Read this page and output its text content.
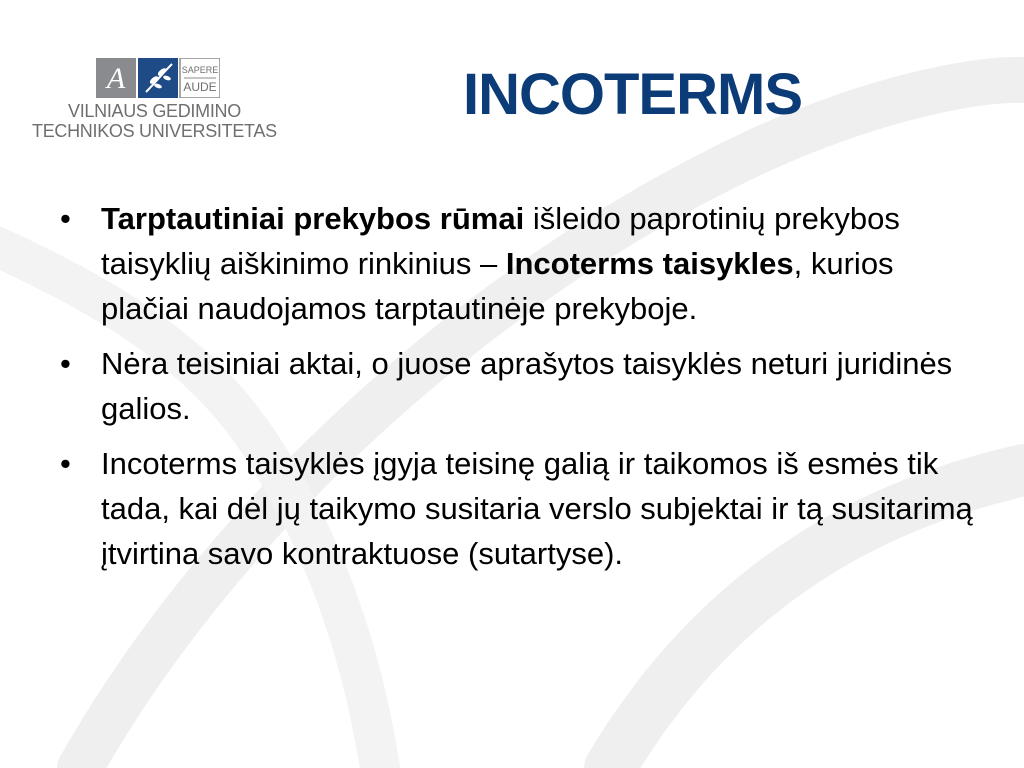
A	SAPERE
AUDE
VILNIAUS GEDIMINO
TECHNIKOS UNIVERSITETAS
INCOTERMS
• Tarptautiniai prekybos rūmai išleido paprotinių prekybos taisyklių aiškinimo rinkinius – Incoterms taisykles, kurios plačiai naudojamos tarptautinėje prekyboje.
• Nėra teisiniai aktai, o juose aprašytos taisyklės neturi juridinės galios.
• Incoterms taisyklės įgyja teisinę galią ir taikomos iš esmės tik tada, kai dėl jų taikymo susitaria verslo subjektai ir tą susitarimą įtvirtina savo kontraktuose (sutartyse).
